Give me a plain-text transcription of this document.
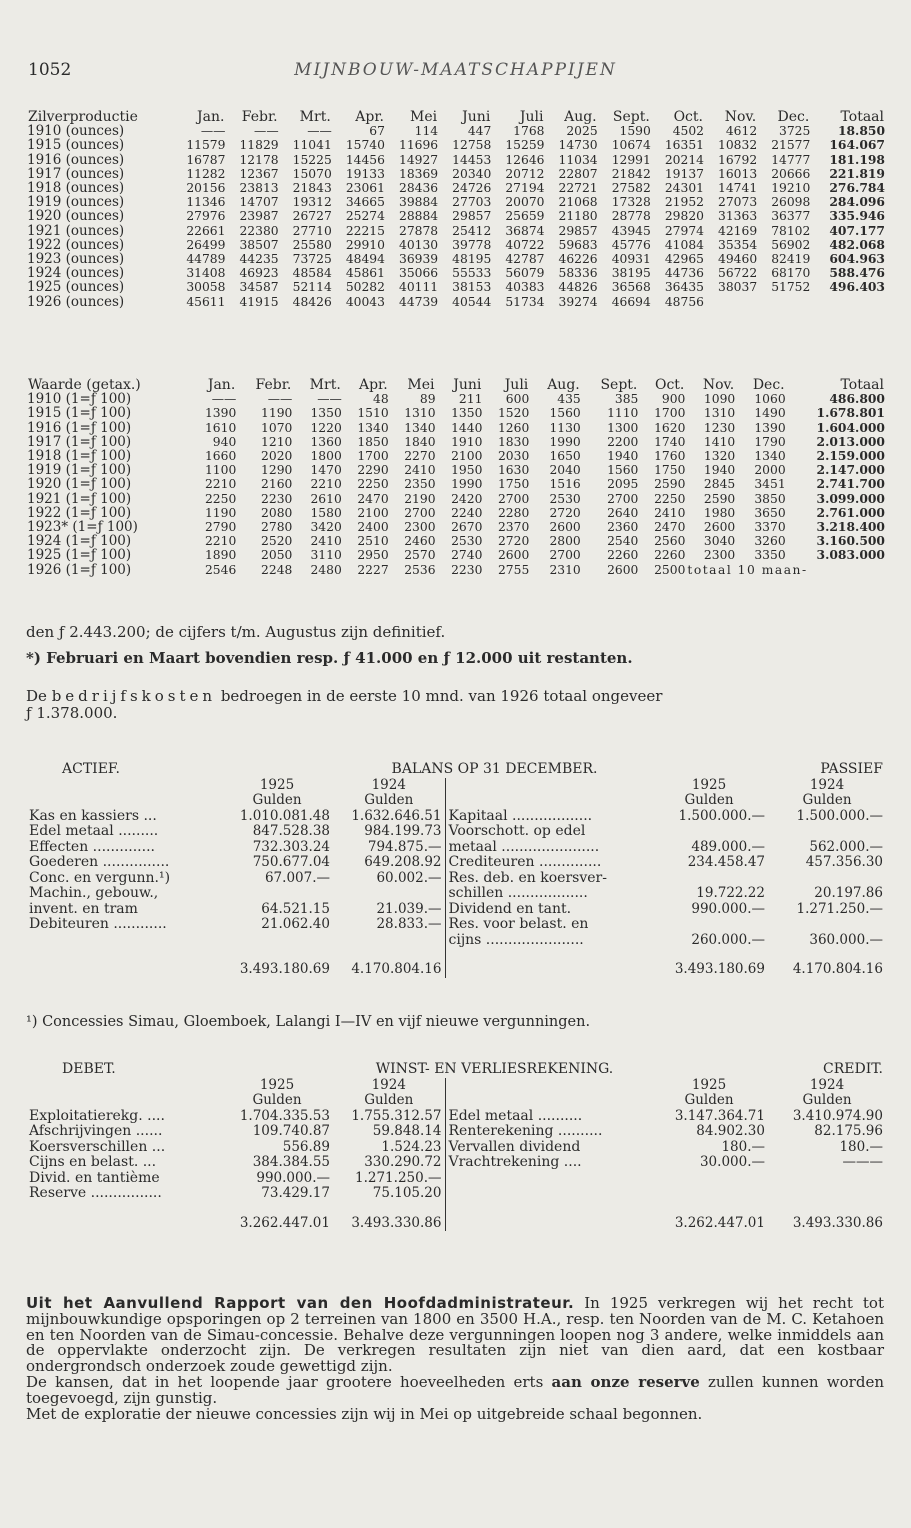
1052	MIJNBOUW-MAATSCHAPPIJEN
Zilverproductie	Jan.	Febr.	Mrt.	Apr.	Mei	Juni	Juli	Aug.	Sept.	Oct.	Nov.	Dec.	Totaal
1910 (ounces)	——	——	——	67	114	447	1768	2025	1590	4502	4612	3725	18.850
1915 (ounces)	11579	11829	11041	15740	11696	12758	15259	14730	10674	16351	10832	21577	164.067
1916 (ounces)	16787	12178	15225	14456	14927	14453	12646	11034	12991	20214	16792	14777	181.198
1917 (ounces)	11282	12367	15070	19133	18369	20340	20712	22807	21842	19137	16013	20666	221.819
1918 (ounces)	20156	23813	21843	23061	28436	24726	27194	22721	27582	24301	14741	19210	276.784
1919 (ounces)	11346	14707	19312	34665	39884	27703	20070	21068	17328	21952	27073	26098	284.096
1920 (ounces)	27976	23987	26727	25274	28884	29857	25659	21180	28778	29820	31363	36377	335.946
1921 (ounces)	22661	22380	27710	22215	27878	25412	36874	29857	43945	27974	42169	78102	407.177
1922 (ounces)	26499	38507	25580	29910	40130	39778	40722	59683	45776	41084	35354	56902	482.068
1923 (ounces)	44789	44235	73725	48494	36939	48195	42787	46226	40931	42965	49460	82419	604.963
1924 (ounces)	31408	46923	48584	45861	35066	55533	56079	58336	38195	44736	56722	68170	588.476
1925 (ounces)	30058	34587	52114	50282	40111	38153	40383	44826	36568	36435	38037	51752	496.403
1926 (ounces)	45611	41915	48426	40043	44739	40544	51734	39274	46694	48756			
Waarde (getax.)	Jan.	Febr.	Mrt.	Apr.	Mei	Juni	Juli	Aug.	Sept.	Oct.	Nov.	Dec.	Totaal
1910 (1=ƒ 100)	——	——	——	48	89	211	600	435	385	900	1090	1060	486.800
1915 (1=ƒ 100)	1390	1190	1350	1510	1310	1350	1520	1560	1110	1700	1310	1490	1.678.801
1916 (1=ƒ 100)	1610	1070	1220	1340	1340	1440	1260	1130	1300	1620	1230	1390	1.604.000
1917 (1=ƒ 100)	940	1210	1360	1850	1840	1910	1830	1990	2200	1740	1410	1790	2.013.000
1918 (1=ƒ 100)	1660	2020	1800	1700	2270	2100	2030	1650	1940	1760	1320	1340	2.159.000
1919 (1=ƒ 100)	1100	1290	1470	2290	2410	1950	1630	2040	1560	1750	1940	2000	2.147.000
1920 (1=ƒ 100)	2210	2160	2210	2250	2350	1990	1750	1516	2095	2590	2845	3451	2.741.700
1921 (1=ƒ 100)	2250	2230	2610	2470	2190	2420	2700	2530	2700	2250	2590	3850	3.099.000
1922 (1=ƒ 100)	1190	2080	1580	2100	2700	2240	2280	2720	2640	2410	1980	3650	2.761.000
1923* (1=ƒ 100)	2790	2780	3420	2400	2300	2670	2370	2600	2360	2470	2600	3370	3.218.400
1924 (1=ƒ 100)	2210	2520	2410	2510	2460	2530	2720	2800	2540	2560	3040	3260	3.160.500
1925 (1=ƒ 100)	1890	2050	3110	2950	2570	2740	2600	2700	2260	2260	2300	3350	3.083.000
1926 (1=ƒ 100)	2546	2248	2480	2227	2536	2230	2755	2310	2600	2500	totaal 10 maan-		
den ƒ 2.443.200; de cijfers t/m. Augustus zijn definitief.
*) Februari en Maart bovendien resp. ƒ 41.000 en ƒ 12.000 uit restanten.
De bedrijfskosten bedroegen in de eerste 10 mnd. van 1926 totaal ongeveer
ƒ 1.378.000.
ACTIEF.	BALANS OP 31 DECEMBER.				PASSIEF
	1925	1924		1925	1924
	Gulden	Gulden		Gulden	Gulden
Kas en kassiers ...	1.010.081.48	1.632.646.51	Kapitaal ..................	1.500.000.—	1.500.000.—
Edel metaal .........	847.528.38	984.199.73	Voorschott. op edel		
Effecten ..............	732.303.24	794.875.—	metaal ......................	489.000.—	562.000.—
Goederen ...............	750.677.04	649.208.92	Crediteuren ..............	234.458.47	457.356.30
Conc. en vergunn.¹)	67.007.—	60.002.—	Res. deb. en koersver-		
Machin., gebouw.,			schillen ..................	19.722.22	20.197.86
invent. en tram	64.521.15	21.039.—	Dividend en tant.	990.000.—	1.271.250.—
Debiteuren ............	21.062.40	28.833.—	Res. voor belast. en		
			cijns ......................	260.000.—	360.000.—
	3.493.180.69	4.170.804.16		3.493.180.69	4.170.804.16
¹) Concessies Simau, Gloemboek, Lalangi I—IV en vijf nieuwe vergunningen.
DEBET.	WINST- EN VERLIESREKENING.				CREDIT.
	1925	1924		1925	1924
	Gulden	Gulden		Gulden	Gulden
Exploitatierekg. ....	1.704.335.53	1.755.312.57	Edel metaal ..........	3.147.364.71	3.410.974.90
Afschrijvingen ......	109.740.87	59.848.14	Renterekening ..........	84.902.30	82.175.96
Koersverschillen ...	556.89	1.524.23	Vervallen dividend	180.—	180.—
Cijns en belast. ...	384.384.55	330.290.72	Vrachtrekening ....	30.000.—	———
Divid. en tantième	990.000.—	1.271.250.—			
Reserve ................	73.429.17	75.105.20			
	3.262.447.01	3.493.330.86		3.262.447.01	3.493.330.86
Uit het Aanvullend Rapport van den Hoofdadministrateur. In 1925 verkregen wij het recht tot mijnbouwkundige opsporingen op 2 terreinen van 1800 en 3500 H.A., resp. ten Noorden van de M. C. Ketahoen en ten Noorden van de Simau-concessie. Behalve deze vergunningen loopen nog 3 andere, welke inmiddels aan de oppervlakte onderzocht zijn. De verkregen resultaten zijn niet van dien aard, dat een kostbaar ondergrondsch onderzoek zoude gewettigd zijn.
De kansen, dat in het loopende jaar grootere hoeveelheden erts aan onze reserve zullen kunnen worden toegevoegd, zijn gunstig.
Met de exploratie der nieuwe concessies zijn wij in Mei op uitgebreide schaal begonnen.
